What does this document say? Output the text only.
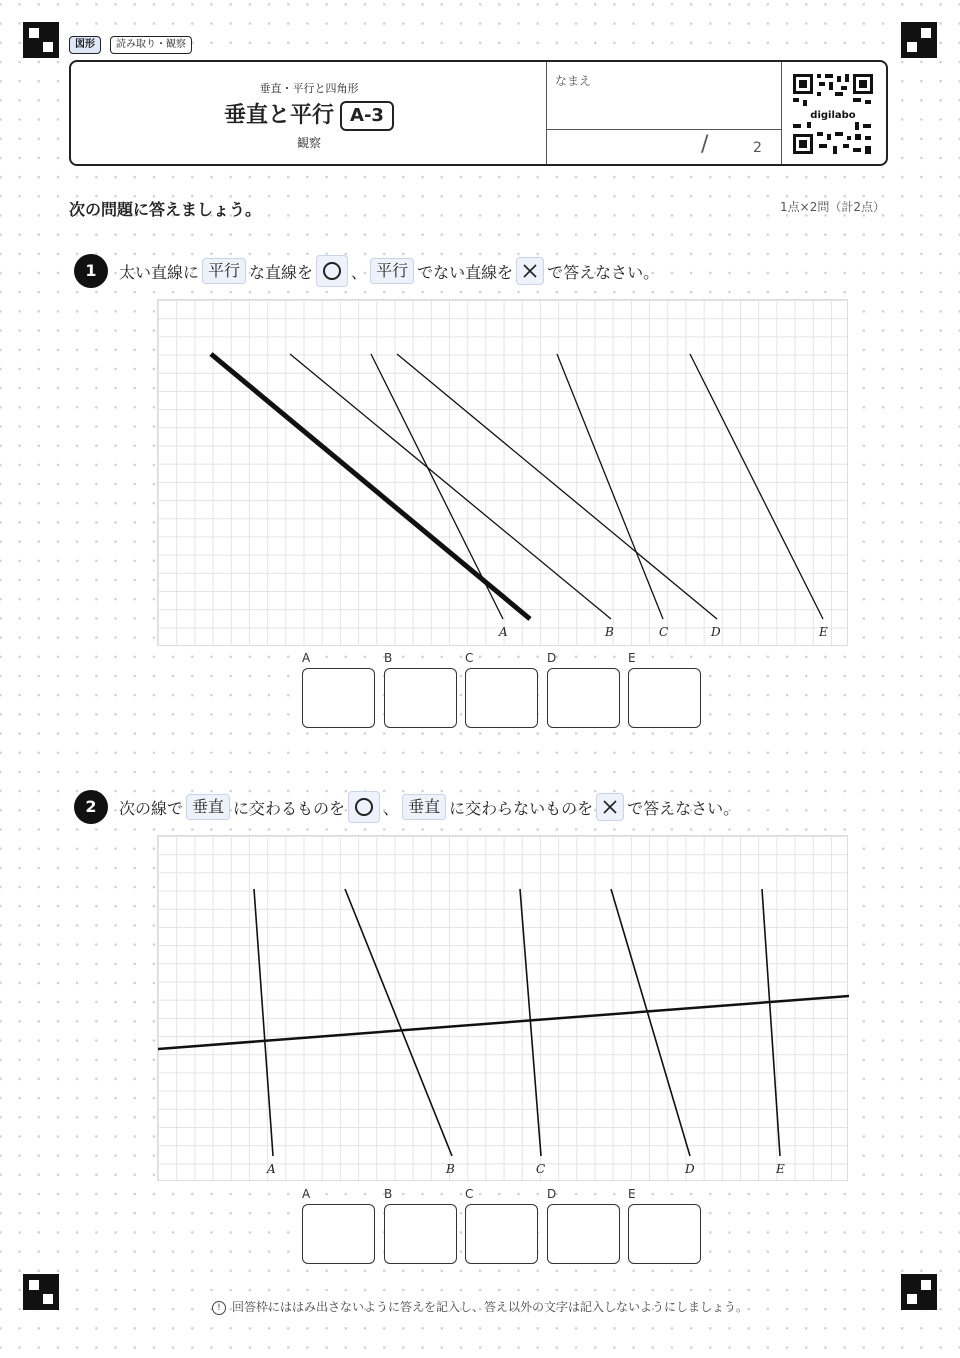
図形	読み取り・観察
垂直・平行と四角形
垂直と平行 A-3
観察
なまえ
/	2
digilabo
次の問題に答えましょう。	1点×2問（計2点）
1	太い直線に 平行 な直線を 、 平行 でない直線を で答えなさい。
A	B	C	D	E
A	B	C	D	E
2	次の線で 垂直 に交わるものを 、 垂直 に交わらないものを で答えなさい。
A	B	C	D	E
A	B	C	D	E
! 回答枠にははみ出さないように答えを記入し、答え以外の文字は記入しないようにしましょう。
